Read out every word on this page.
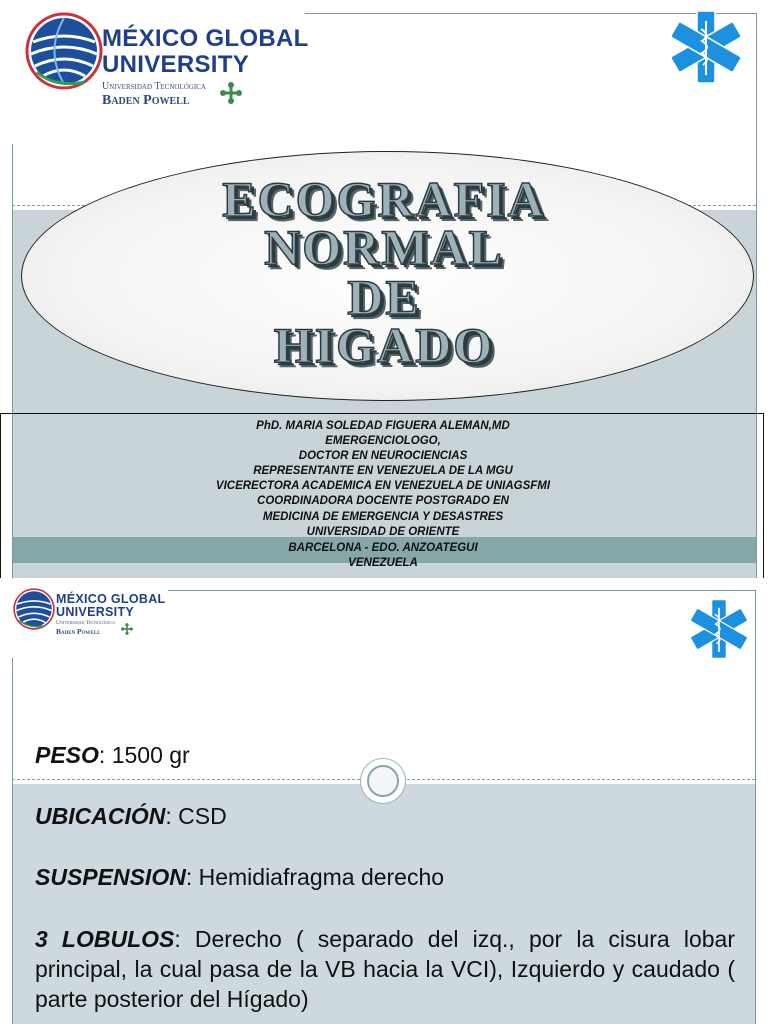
MÉXICO GLOBAL
UNIVERSITY
Universidad Tecnológica
Baden Powell
ECOGRAFIA
NORMAL
DE
HIGADO
PhD. MARIA SOLEDAD FIGUERA ALEMAN,MD
EMERGENCIOLOGO,
DOCTOR EN NEUROCIENCIAS
REPRESENTANTE EN VENEZUELA DE LA MGU
VICERECTORA ACADEMICA EN VENEZUELA DE UNIAGSFMI
COORDINADORA DOCENTE POSTGRADO EN
MEDICINA DE EMERGENCIA Y DESASTRES
UNIVERSIDAD DE ORIENTE
BARCELONA - EDO. ANZOATEGUI
VENEZUELA
MÉXICO GLOBAL
UNIVERSITY
Universidad Tecnológica
Baden Powell
PESO: 1500 gr
UBICACIÓN: CSD
SUSPENSION: Hemidiafragma derecho
3 LOBULOS: Derecho ( separado del izq., por la cisura lobar principal, la cual pasa de la VB hacia la VCI), Izquierdo y caudado ( parte posterior del Hígado)
